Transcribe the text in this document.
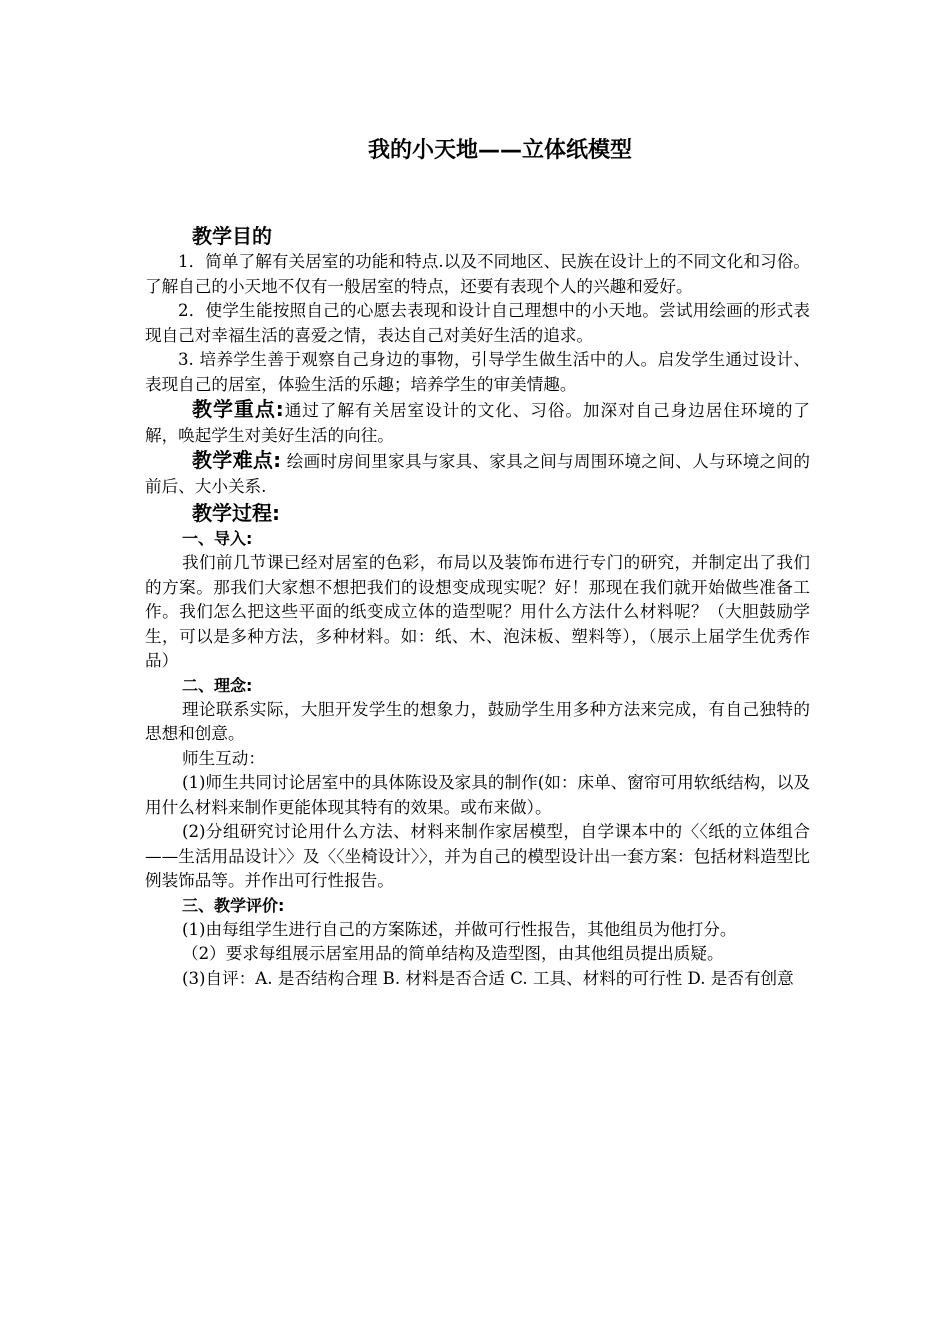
我的小天地——立体纸模型
教学目的

1．简单了解有关居室的功能和特点.以及不同地区、民族在设计上的不同文化和习俗。了解自己的小天地不仅有一般居室的特点，还要有表现个人的兴趣和爱好。

2．使学生能按照自己的心愿去表现和设计自己理想中的小天地。尝试用绘画的形式表现自己对幸福生活的喜爱之情，表达自己对美好生活的追求。

3. 培养学生善于观察自己身边的事物，引导学生做生活中的人。启发学生通过设计、表现自己的居室，体验生活的乐趣；培养学生的审美情趣。

教学重点:通过了解有关居室设计的文化、习俗。加深对自己身边居住环境的了解，唤起学生对美好生活的向往。

教学难点: 绘画时房间里家具与家具、家具之间与周围环境之间、人与环境之间的前后、大小关系.

教学过程:
一、导入:

我们前几节课已经对居室的色彩，布局以及装饰布进行专门的研究，并制定出了我们的方案。那我们大家想不想把我们的设想变成现实呢？好！那现在我们就开始做些准备工作。我们怎么把这些平面的纸变成立体的造型呢？用什么方法什么材料呢？（大胆鼓励学生，可以是多种方法，多种材料。如：纸、木、泡沫板、塑料等），（展示上届学生优秀作品）

二、理念:

理论联系实际，大胆开发学生的想象力，鼓励学生用多种方法来完成，有自己独特的思想和创意。

师生互动：

(1)师生共同讨论居室中的具体陈设及家具的制作(如：床单、窗帘可用软纸结构，以及用什么材料来制作更能体现其特有的效果。或布来做）。

(2)分组研究讨论用什么方法、材料来制作家居模型，自学课本中的〈〈纸的立体组合——生活用品设计〉〉及〈〈坐椅设计〉〉，并为自己的模型设计出一套方案：包括材料造型比例装饰品等。并作出可行性报告。

三、教学评价:

(1)由每组学生进行自己的方案陈述，并做可行性报告，其他组员为他打分。

（2）要求每组展示居室用品的简单结构及造型图，由其他组员提出质疑。

(3)自评：A. 是否结构合理 B. 材料是否合适 C. 工具、材料的可行性 D. 是否有创意
